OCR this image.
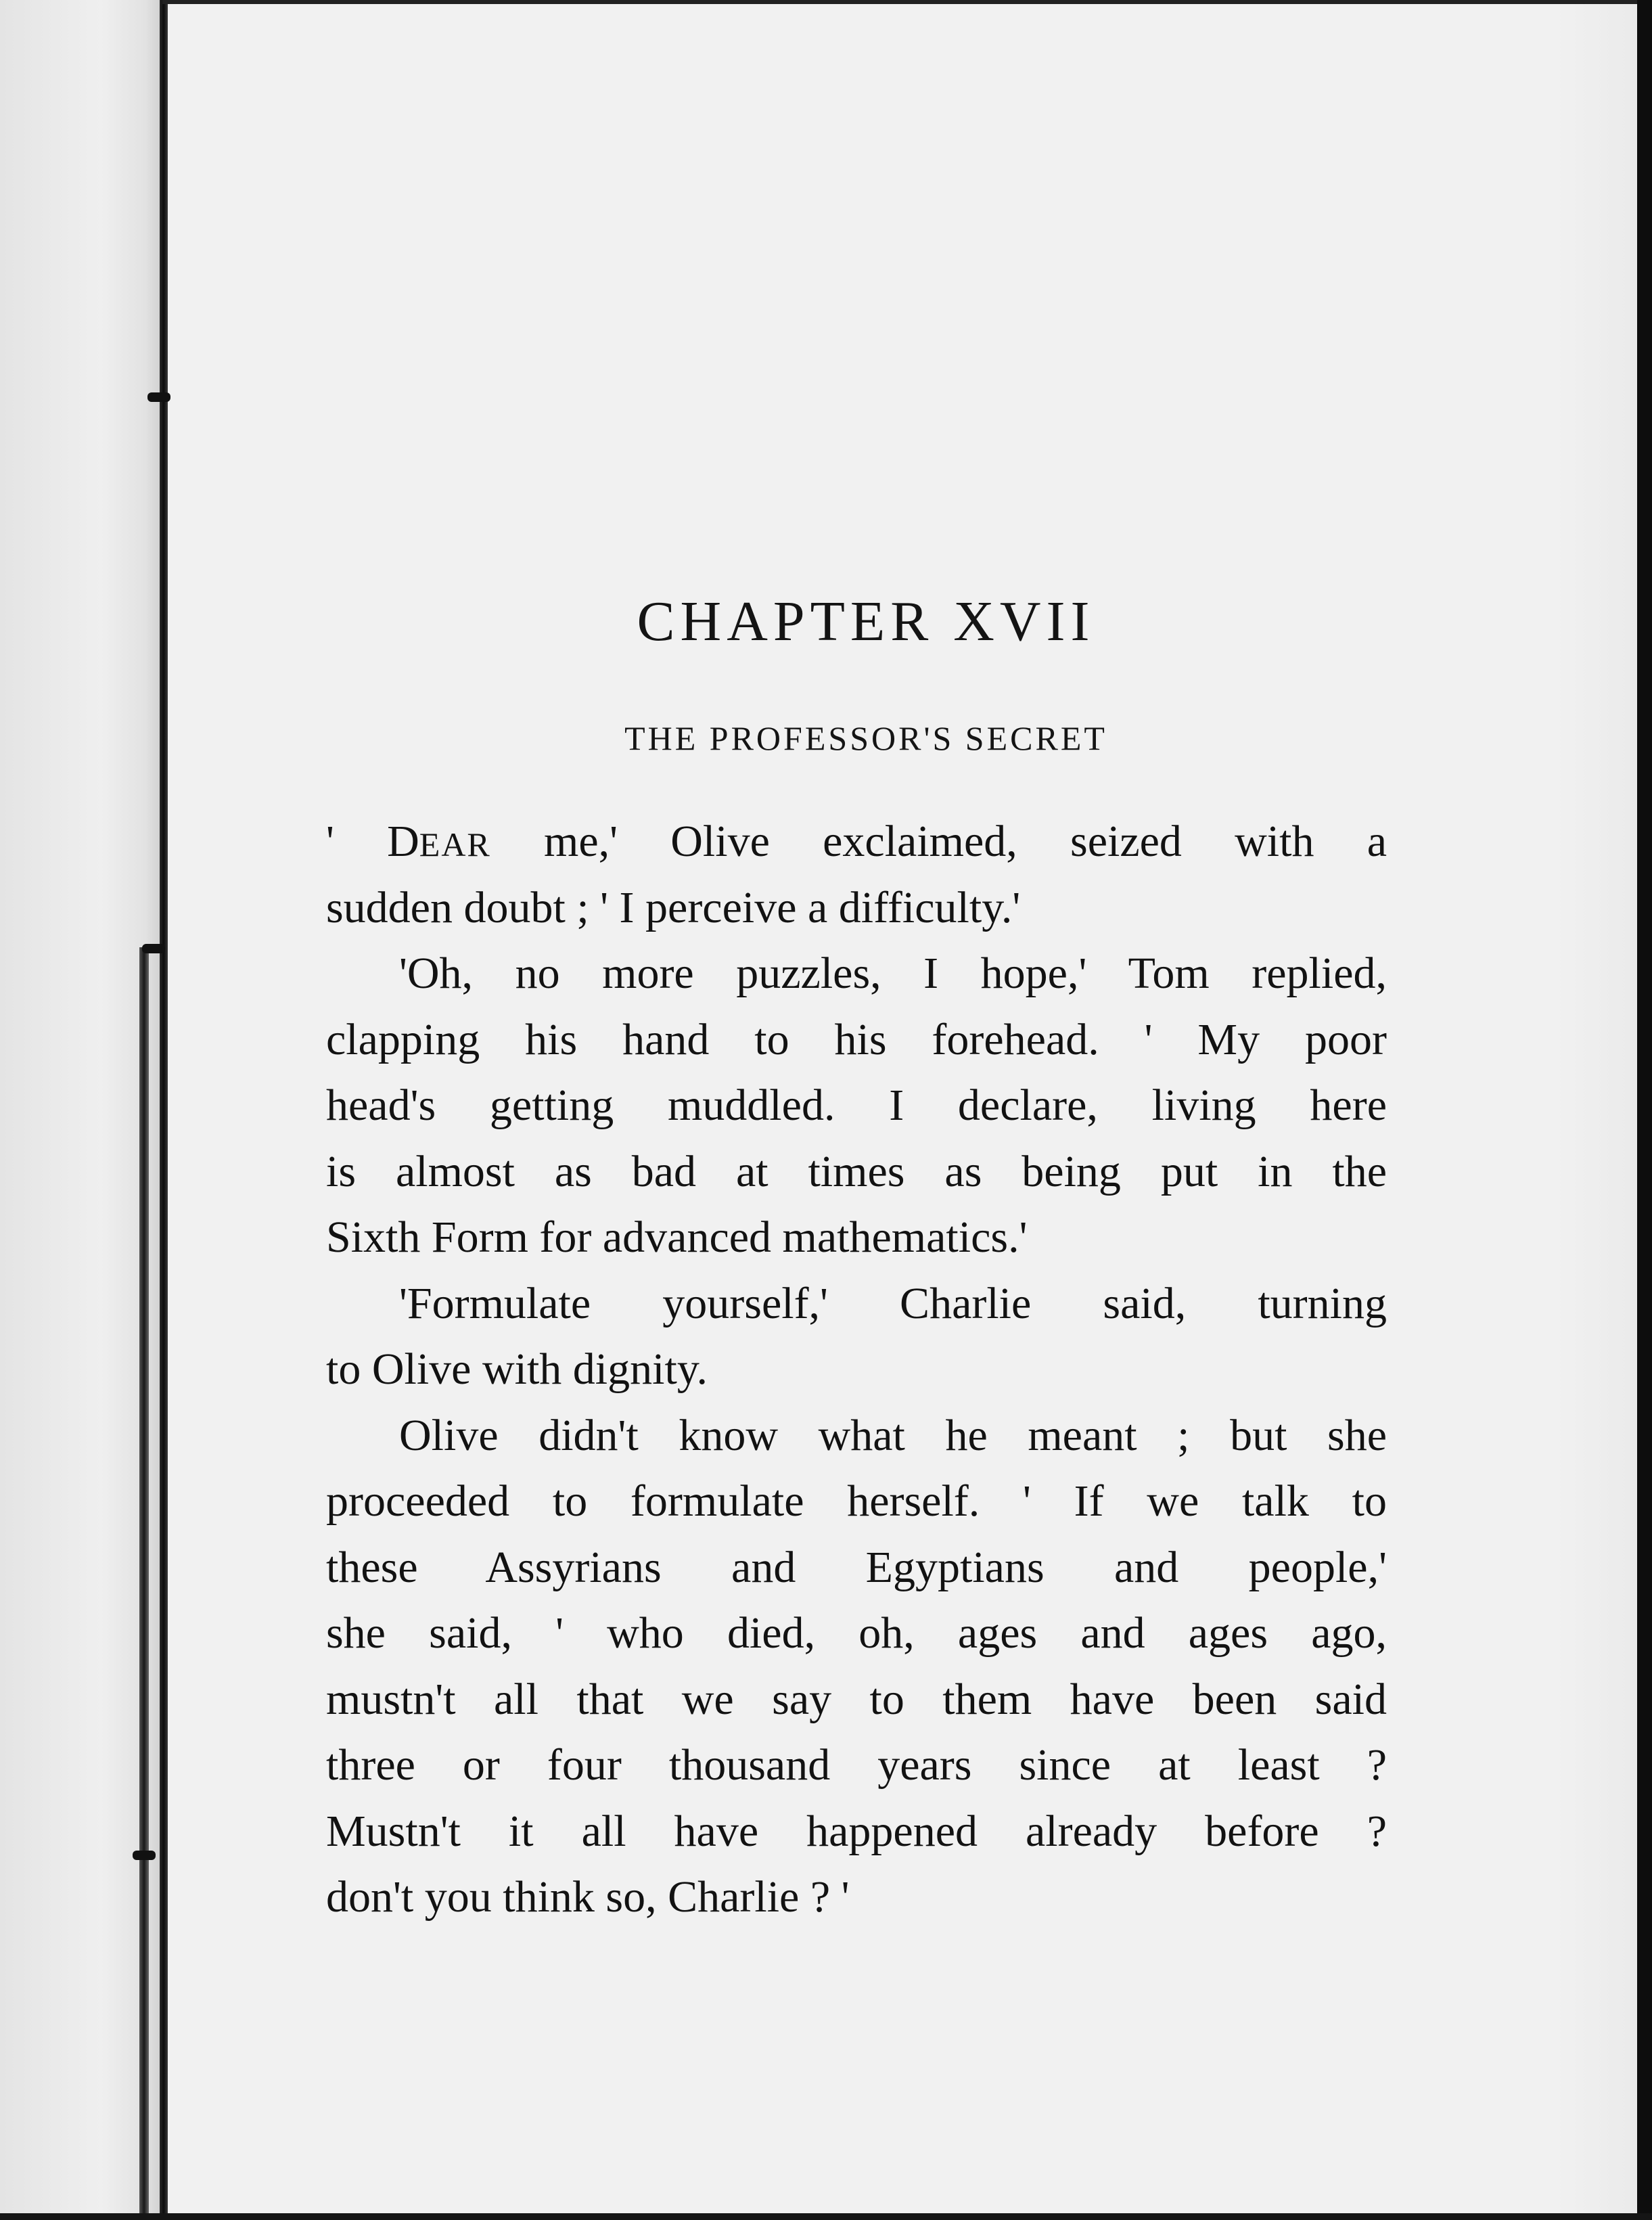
CHAPTER XVII
THE PROFESSOR'S SECRET
' DEAR me,' Olive exclaimed, seized with a
sudden doubt ; ' I perceive a difficulty.'
'Oh, no more puzzles, I hope,' Tom replied,
clapping his hand to his forehead. ' My poor
head's getting muddled. I declare, living here
is almost as bad at times as being put in the
Sixth Form for advanced mathematics.'
'Formulate yourself,' Charlie said, turning
to Olive with dignity.
Olive didn't know what he meant ; but she
proceeded to formulate herself. ' If we talk to
these Assyrians and Egyptians and people,'
she said, ' who died, oh, ages and ages ago,
mustn't all that we say to them have been said
three or four thousand years since at least ?
Mustn't it all have happened already before ?
don't you think so, Charlie ? '
